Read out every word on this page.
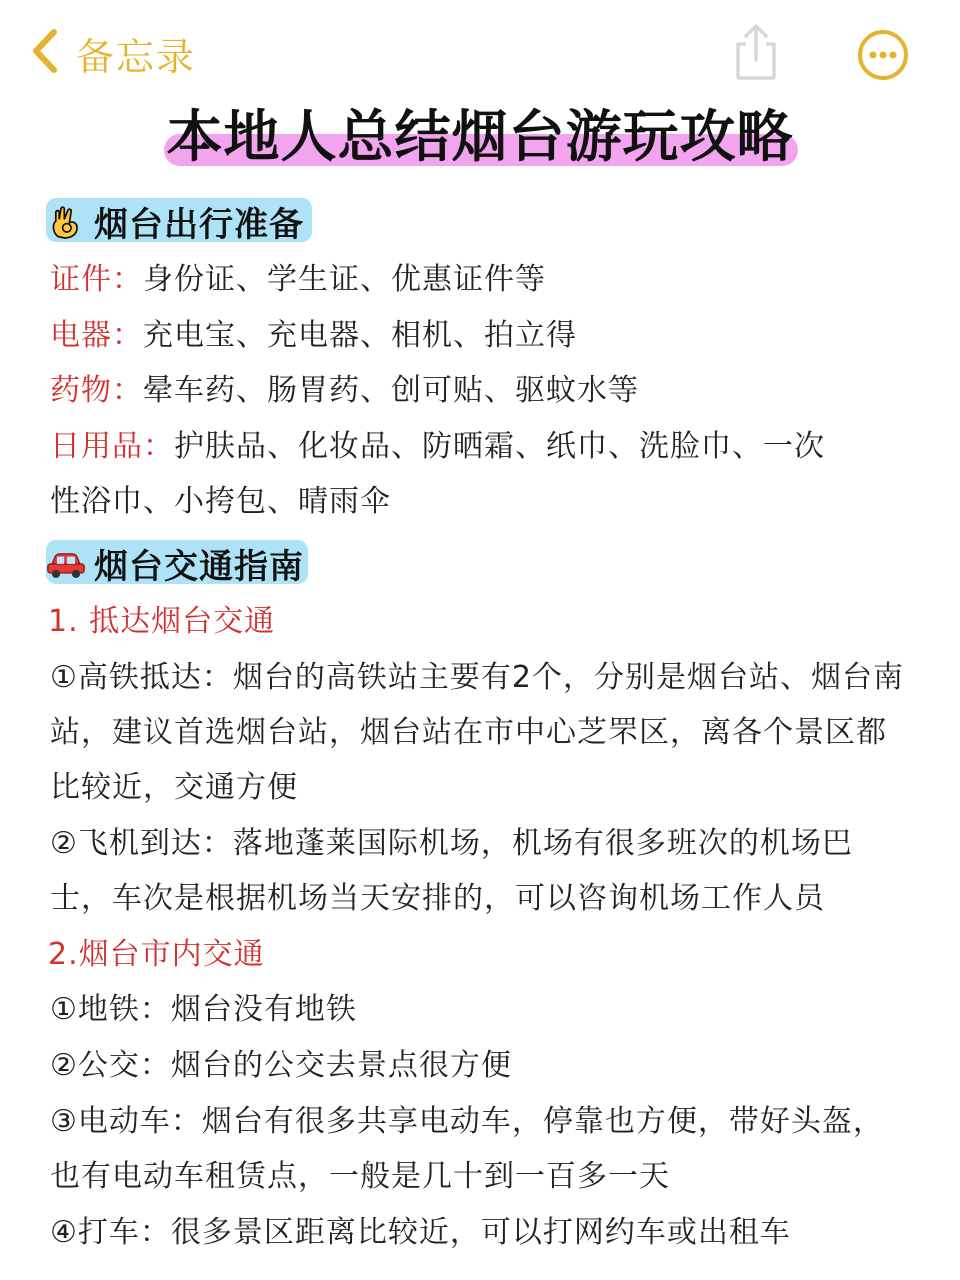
备忘录
本地人总结烟台游玩攻略
烟台出行准备
证件：身份证、学生证、优惠证件等
电器：充电宝、充电器、相机、拍立得
药物：晕车药、肠胃药、创可贴、驱蚊水等
日用品：护肤品、化妆品、防晒霜、纸巾、洗脸巾、一次
性浴巾、小挎包、晴雨伞
烟台交通指南
1. 抵达烟台交通
①高铁抵达：烟台的高铁站主要有2个，分别是烟台站、烟台南
站，建议首选烟台站，烟台站在市中心芝罘区，离各个景区都
比较近，交通方便
②飞机到达：落地蓬莱国际机场，机场有很多班次的机场巴
士，车次是根据机场当天安排的，可以咨询机场工作人员
2.烟台市内交通
①地铁：烟台没有地铁
②公交：烟台的公交去景点很方便
③电动车：烟台有很多共享电动车，停靠也方便，带好头盔，
也有电动车租赁点，一般是几十到一百多一天
④打车：很多景区距离比较近，可以打网约车或出租车
